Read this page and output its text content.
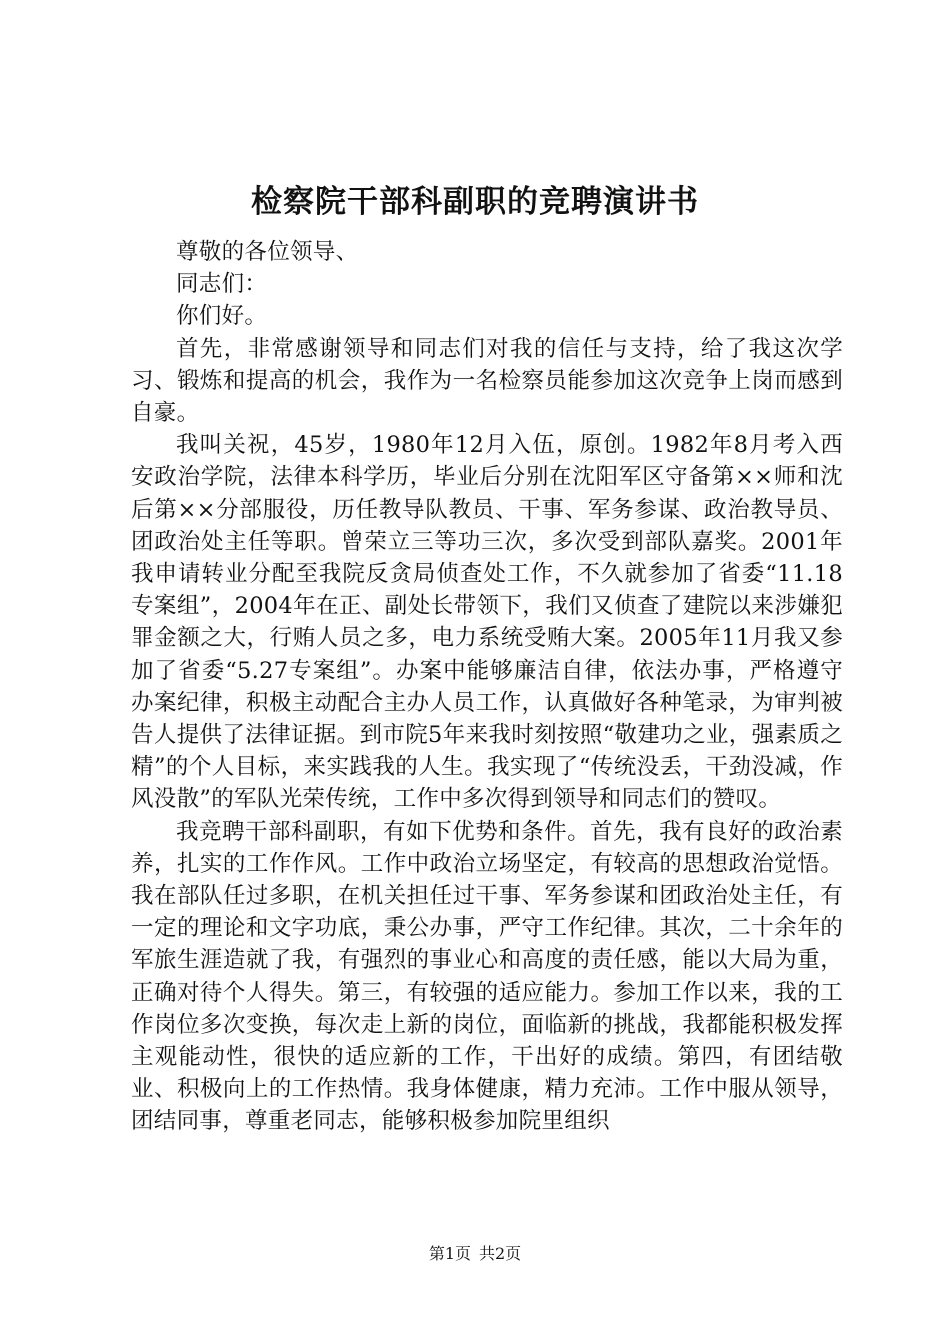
检察院干部科副职的竞聘演讲书

尊敬的各位领导、

同志们：

你们好。

首先，非常感谢领导和同志们对我的信任与支持，给了我这次学习、锻炼和提高的机会，我作为一名检察员能参加这次竞争上岗而感到自豪。

我叫关祝，45岁，1980年12月入伍，原创。1982年8月考入西安政治学院，法律本科学历，毕业后分别在沈阳军区守备第××师和沈后第××分部服役，历任教导队教员、干事、军务参谋、政治教导员、团政治处主任等职。曾荣立三等功三次，多次受到部队嘉奖。2001年我申请转业分配至我院反贪局侦查处工作，不久就参加了省委“11.18专案组”，2004年在正、副处长带领下，我们又侦查了建院以来涉嫌犯罪金额之大，行贿人员之多，电力系统受贿大案。2005年11月我又参加了省委“5.27专案组”。办案中能够廉洁自律，依法办事，严格遵守办案纪律，积极主动配合主办人员工作，认真做好各种笔录，为审判被告人提供了法律证据。到市院5年来我时刻按照“敬建功之业，强素质之精”的个人目标，来实践我的人生。我实现了“传统没丢，干劲没减，作风没散”的军队光荣传统，工作中多次得到领导和同志们的赞叹。

我竞聘干部科副职，有如下优势和条件。首先，我有良好的政治素养，扎实的工作作风。工作中政治立场坚定，有较高的思想政治觉悟。我在部队任过多职，在机关担任过干事、军务参谋和团政治处主任，有一定的理论和文字功底，秉公办事，严守工作纪律。其次，二十余年的军旅生涯造就了我，有强烈的事业心和高度的责任感，能以大局为重，正确对待个人得失。第三，有较强的适应能力。参加工作以来，我的工作岗位多次变换，每次走上新的岗位，面临新的挑战，我都能积极发挥主观能动性，很快的适应新的工作，干出好的成绩。第四，有团结敬业、积极向上的工作热情。我身体健康，精力充沛。工作中服从领导，团结同事，尊重老同志，能够积极参加院里组织

第1页 共2页
